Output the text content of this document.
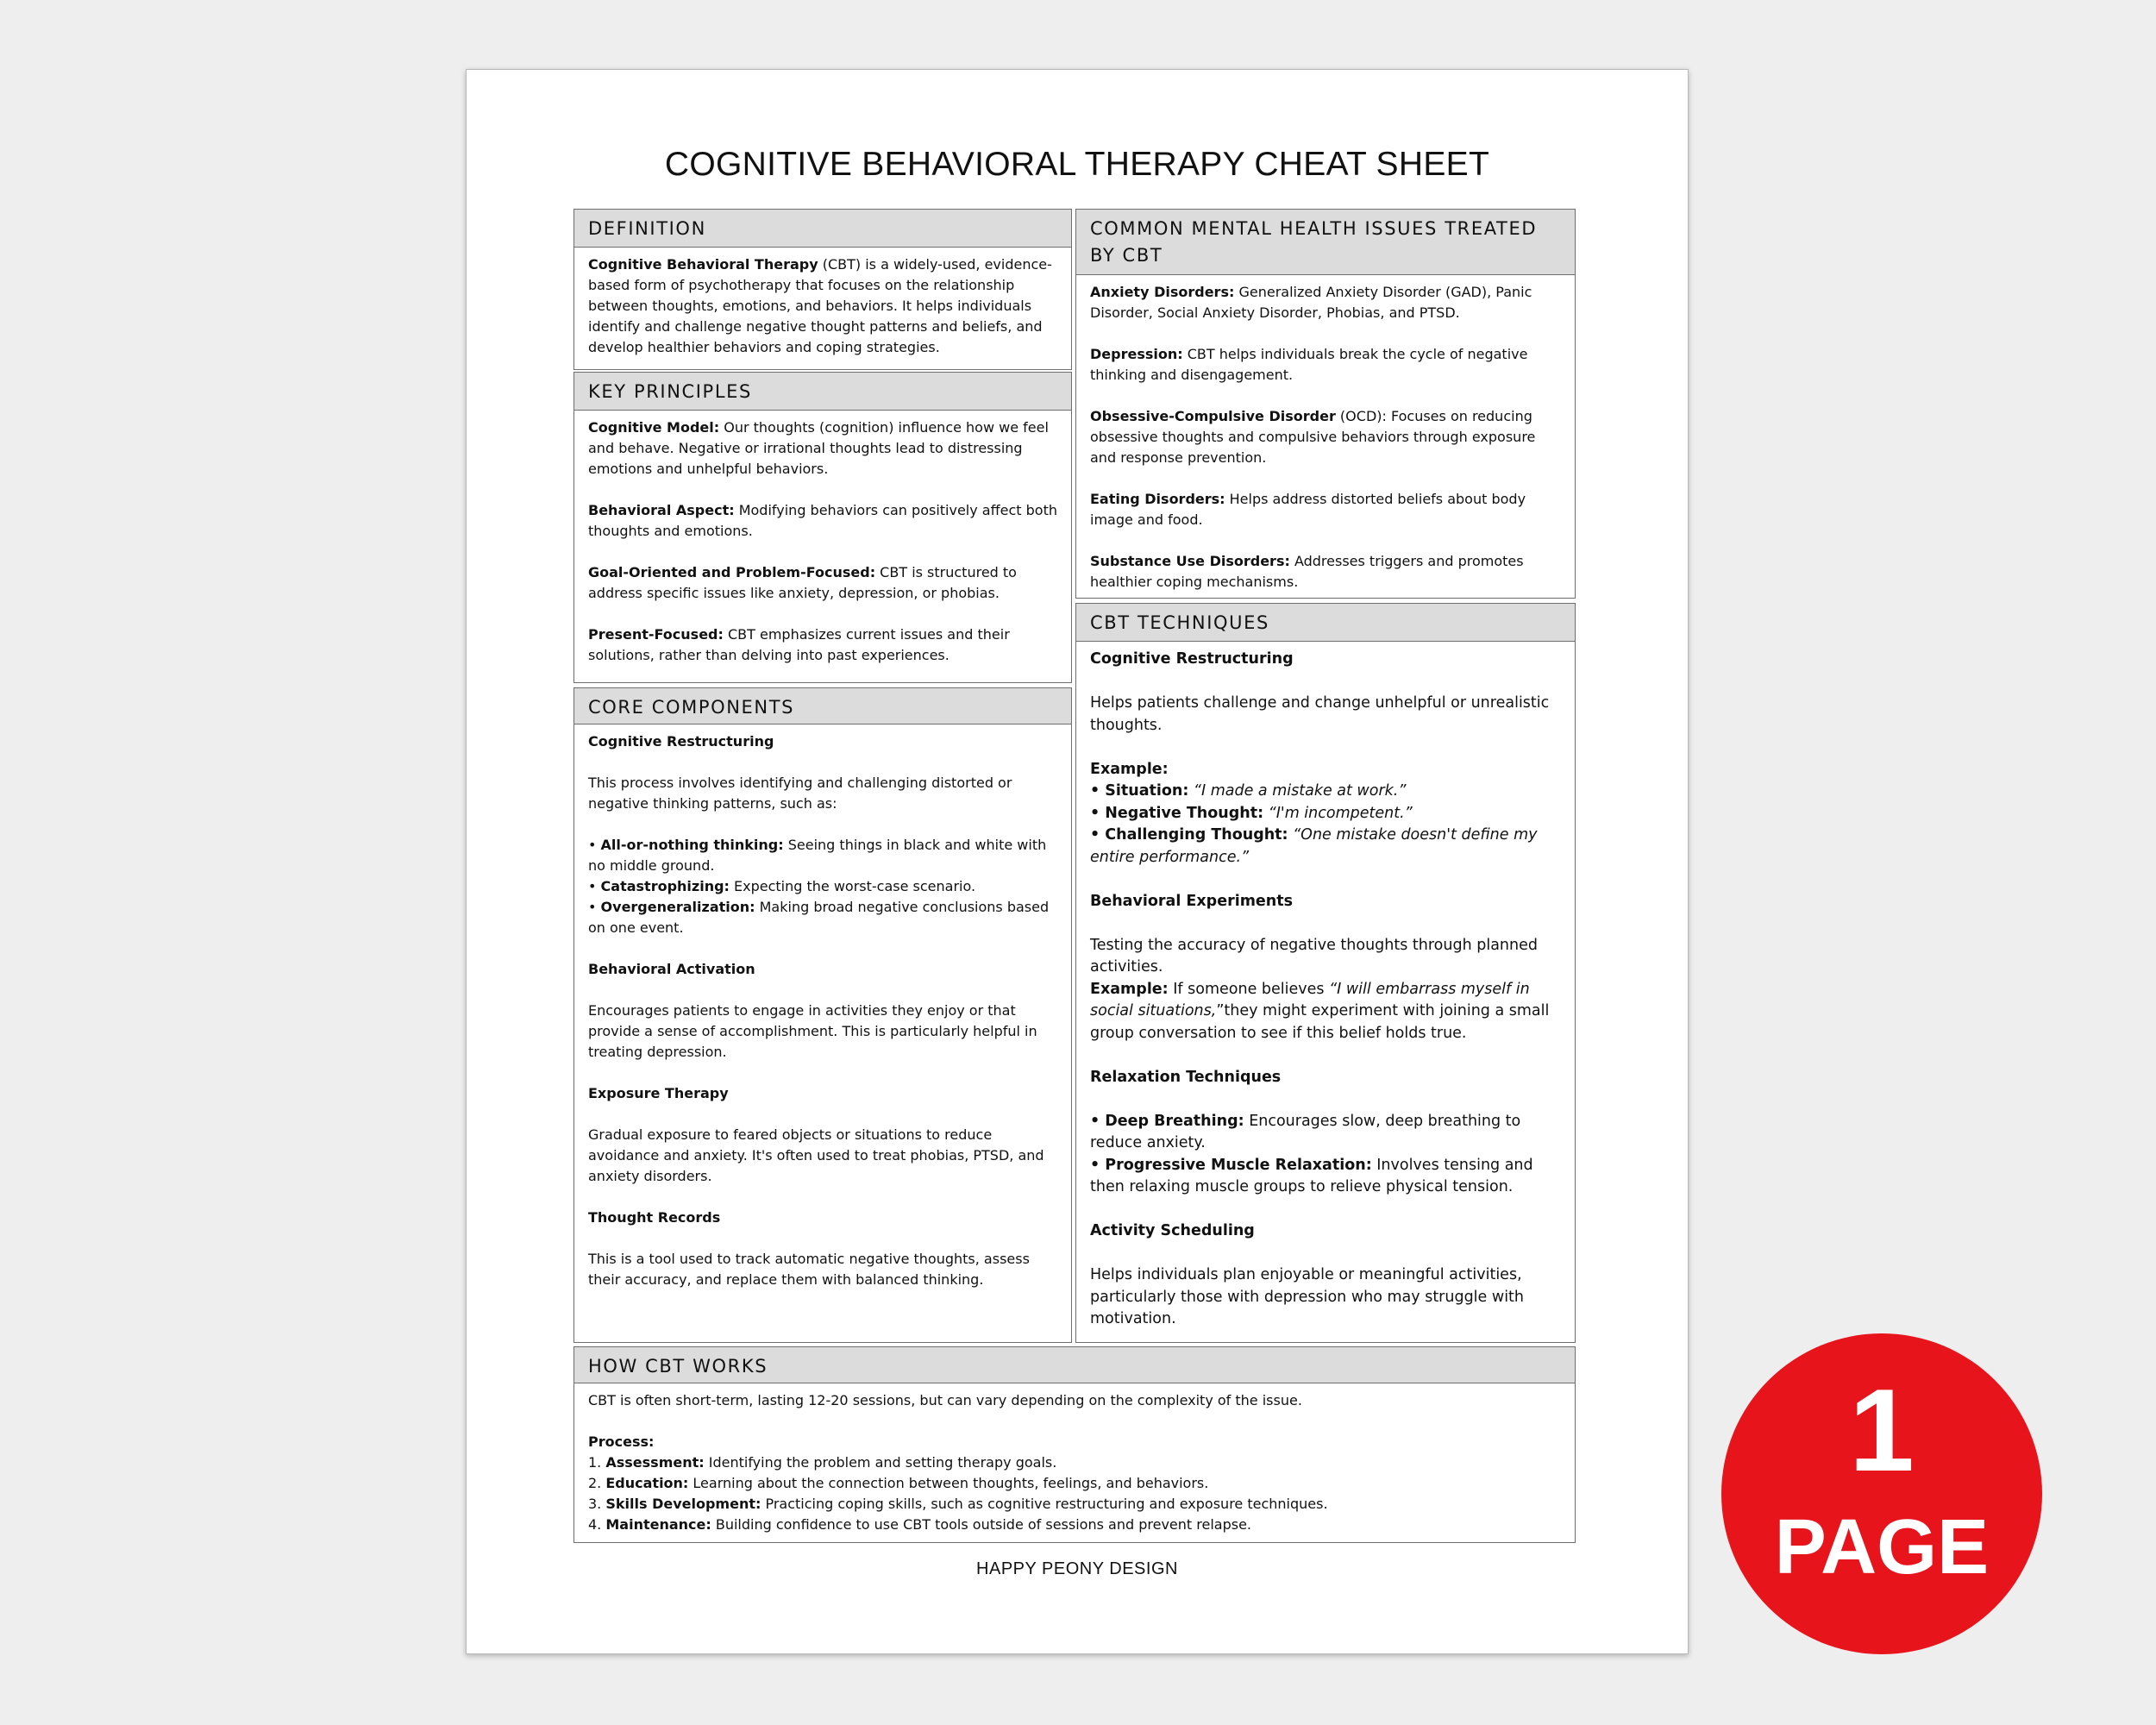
COGNITIVE BEHAVIORAL THERAPY CHEAT SHEET
DEFINITION

Cognitive Behavioral Therapy (CBT) is a widely-used, evidence-based form of psychotherapy that focuses on the relationship between thoughts, emotions, and behaviors. It helps individuals identify and challenge negative thought patterns and beliefs, and develop healthier behaviors and coping strategies.

KEY PRINCIPLES

Cognitive Model: Our thoughts (cognition) influence how we feel and behave. Negative or irrational thoughts lead to distressing emotions and unhelpful behaviors.

Behavioral Aspect: Modifying behaviors can positively affect both thoughts and emotions.

Goal-Oriented and Problem-Focused: CBT is structured to address specific issues like anxiety, depression, or phobias.

Present-Focused: CBT emphasizes current issues and their solutions, rather than delving into past experiences.

CORE COMPONENTS

Cognitive Restructuring

This process involves identifying and challenging distorted or negative thinking patterns, such as:

• All-or-nothing thinking: Seeing things in black and white with no middle ground.
• Catastrophizing: Expecting the worst-case scenario.
• Overgeneralization: Making broad negative conclusions based on one event.

Behavioral Activation

Encourages patients to engage in activities they enjoy or that provide a sense of accomplishment. This is particularly helpful in treating depression.

Exposure Therapy

Gradual exposure to feared objects or situations to reduce avoidance and anxiety. It's often used to treat phobias, PTSD, and anxiety disorders.

Thought Records

This is a tool used to track automatic negative thoughts, assess their accuracy, and replace them with balanced thinking.

COMMON MENTAL HEALTH ISSUES TREATED BY CBT

Anxiety Disorders: Generalized Anxiety Disorder (GAD), Panic Disorder, Social Anxiety Disorder, Phobias, and PTSD.

Depression: CBT helps individuals break the cycle of negative thinking and disengagement.

Obsessive-Compulsive Disorder (OCD): Focuses on reducing obsessive thoughts and compulsive behaviors through exposure and response prevention.

Eating Disorders: Helps address distorted beliefs about body image and food.

Substance Use Disorders: Addresses triggers and promotes healthier coping mechanisms.

CBT TECHNIQUES

Cognitive Restructuring

Helps patients challenge and change unhelpful or unrealistic thoughts.

Example:
• Situation: “I made a mistake at work.”
• Negative Thought: “I'm incompetent.”
• Challenging Thought: “One mistake doesn't define my entire performance.”

Behavioral Experiments

Testing the accuracy of negative thoughts through planned activities.
Example: If someone believes “I will embarrass myself in social situations,”they might experiment with joining a small group conversation to see if this belief holds true.

Relaxation Techniques

• Deep Breathing: Encourages slow, deep breathing to reduce anxiety.
• Progressive Muscle Relaxation: Involves tensing and then relaxing muscle groups to relieve physical tension.

Activity Scheduling

Helps individuals plan enjoyable or meaningful activities, particularly those with depression who may struggle with motivation.

HOW CBT WORKS

CBT is often short-term, lasting 12-20 sessions, but can vary depending on the complexity of the issue.

Process:
1. Assessment: Identifying the problem and setting therapy goals.
2. Education: Learning about the connection between thoughts, feelings, and behaviors.
3. Skills Development: Practicing coping skills, such as cognitive restructuring and exposure techniques.
4. Maintenance: Building confidence to use CBT tools outside of sessions and prevent relapse.

HAPPY PEONY DESIGN
1
PAGE
